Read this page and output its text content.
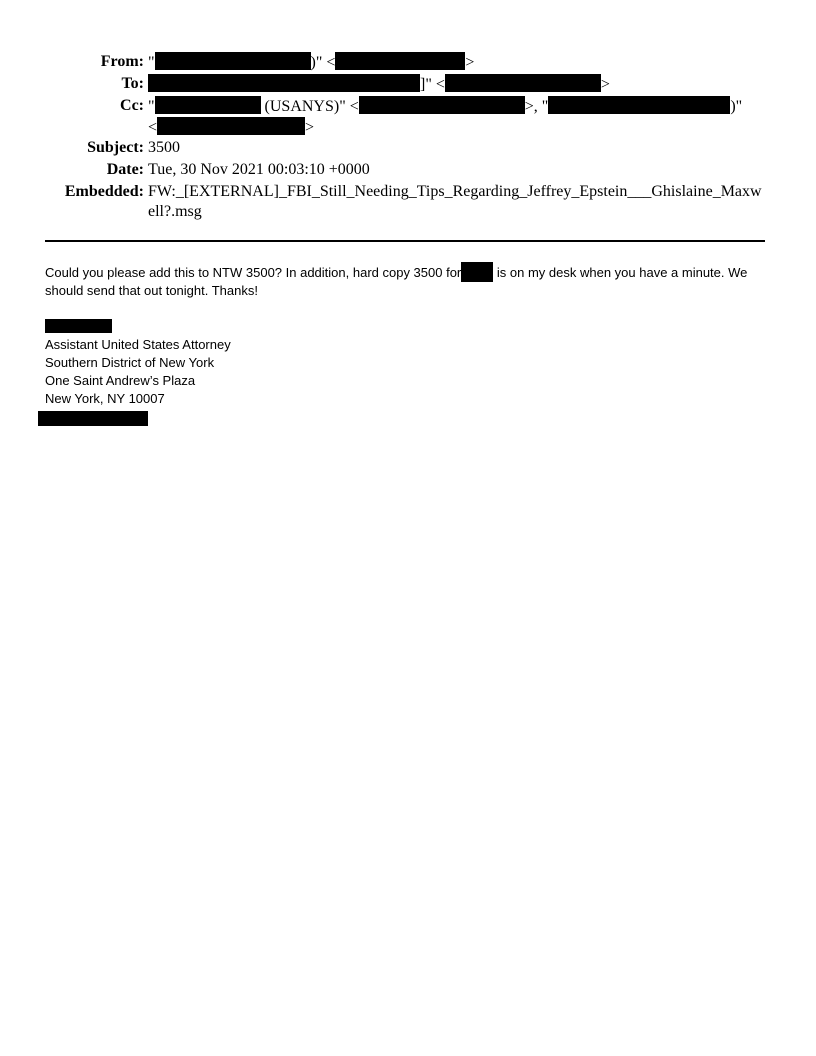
From: "	)" <	>
To:	]" <	>
Cc: "	(USANYS)" <	>, "	)"
<	>
Subject: 3500
Date: Tue, 30 Nov 2021 00:03:10 +0000
Embedded: FW:_[EXTERNAL]_FBI_Still_Needing_Tips_Regarding_Jeffrey_Epstein___Ghislaine_Maxwell?.msg

Could you please add this to NTW 3500? In addition, hard copy 3500 for	is on my desk when you have a minute. We
should send that out tonight. Thanks!

Assistant United States Attorney
Southern District of New York
One Saint Andrew’s Plaza
New York, NY 10007
